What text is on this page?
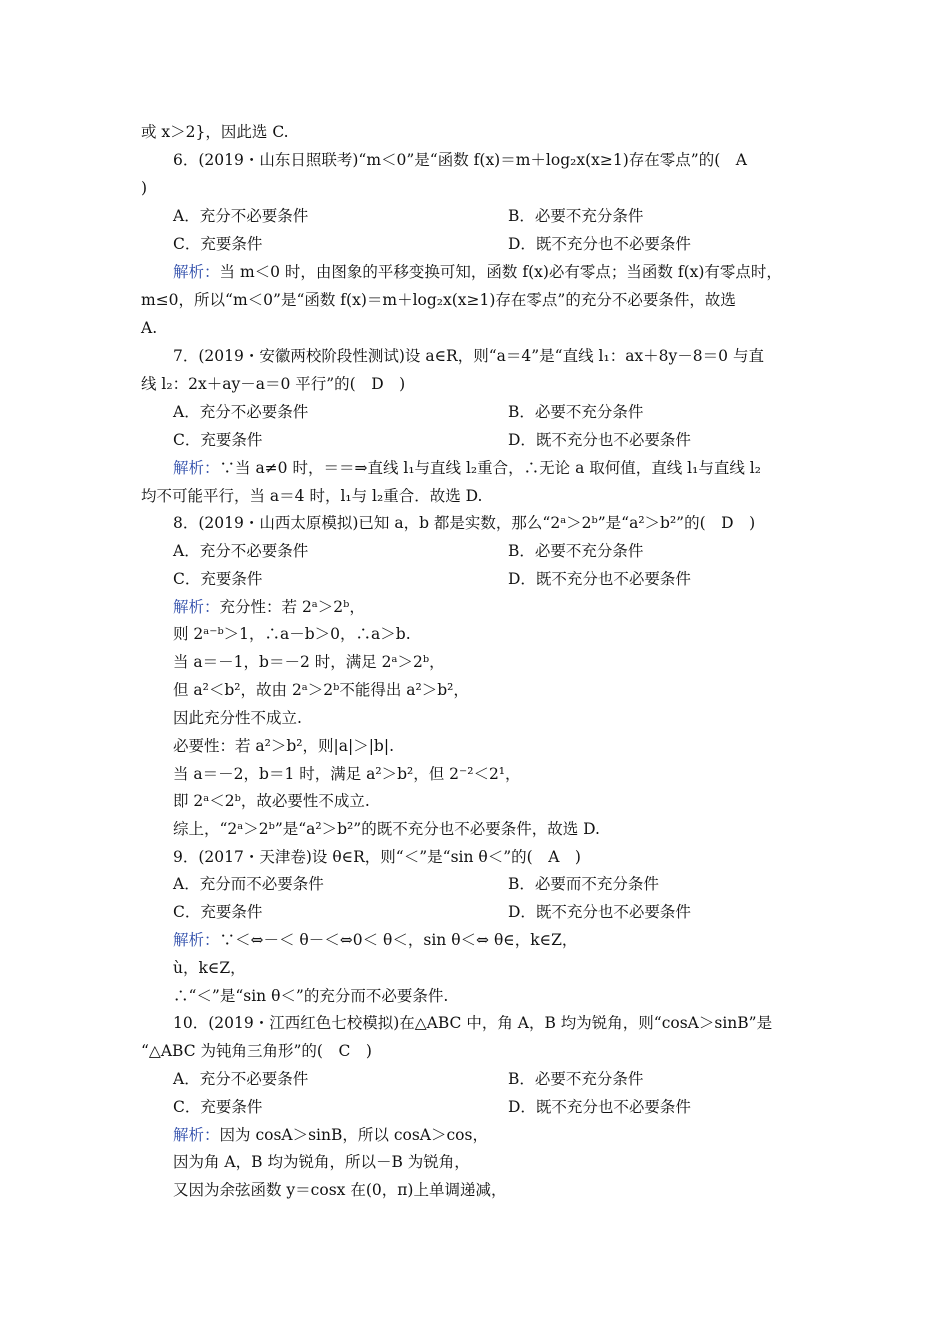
或 x＞2}，因此选 C.
6．(2019・山东日照联考)“m＜0”是“函数 f(x)＝m＋log₂x(x≥1)存在零点”的(　A
)
A．充分不必要条件	B．必要不充分条件
C．充要条件	D．既不充分也不必要条件
解析：当 m＜0 时，由图象的平移变换可知，函数 f(x)必有零点；当函数 f(x)有零点时，
m≤0，所以“m＜0”是“函数 f(x)＝m＋log₂x(x≥1)存在零点”的充分不必要条件，故选
A.
7．(2019・安徽两校阶段性测试)设 a∈R，则“a＝4”是“直线 l₁：ax＋8y－8＝0 与直
线 l₂：2x＋ay－a＝0 平行”的(　D　)
A．充分不必要条件	B．必要不充分条件
C．充要条件	D．既不充分也不必要条件
解析：∵当 a≠0 时，＝＝⇒直线 l₁与直线 l₂重合，∴无论 a 取何值，直线 l₁与直线 l₂
均不可能平行，当 a＝4 时，l₁与 l₂重合．故选 D.
8．(2019・山西太原模拟)已知 a，b 都是实数，那么“2ᵃ＞2ᵇ”是“a²＞b²”的(　D　)
A．充分不必要条件	B．必要不充分条件
C．充要条件	D．既不充分也不必要条件
解析：充分性：若 2ᵃ＞2ᵇ，
则 2ᵃ⁻ᵇ＞1，∴a－b＞0，∴a＞b.
当 a＝－1，b＝－2 时，满足 2ᵃ＞2ᵇ，
但 a²＜b²，故由 2ᵃ＞2ᵇ不能得出 a²＞b²，
因此充分性不成立.
必要性：若 a²＞b²，则|a|＞|b|.
当 a＝－2，b＝1 时，满足 a²＞b²，但 2⁻²＜2¹，
即 2ᵃ＜2ᵇ，故必要性不成立.
综上，“2ᵃ＞2ᵇ”是“a²＞b²”的既不充分也不必要条件，故选 D.
9．(2017・天津卷)设 θ∈R，则“＜”是“sin θ＜”的(　A　)
A．充分而不必要条件	B．必要而不充分条件
C．充要条件	D．既不充分也不必要条件
解析：∵＜⇔－＜ θ－＜⇔0＜ θ＜，sin θ＜⇔ θ∈，k∈Z，
ù，k∈Z，
∴“＜”是“sin θ＜”的充分而不必要条件.
10．(2019・江西红色七校模拟)在△ABC 中，角 A，B 均为锐角，则“cosA＞sinB”是
“△ABC 为钝角三角形”的(　C　)
A．充分不必要条件	B．必要不充分条件
C．充要条件	D．既不充分也不必要条件
解析：因为 cosA＞sinB，所以 cosA＞cos，
因为角 A，B 均为锐角，所以－B 为锐角，
又因为余弦函数 y＝cosx 在(0，π)上单调递减，
